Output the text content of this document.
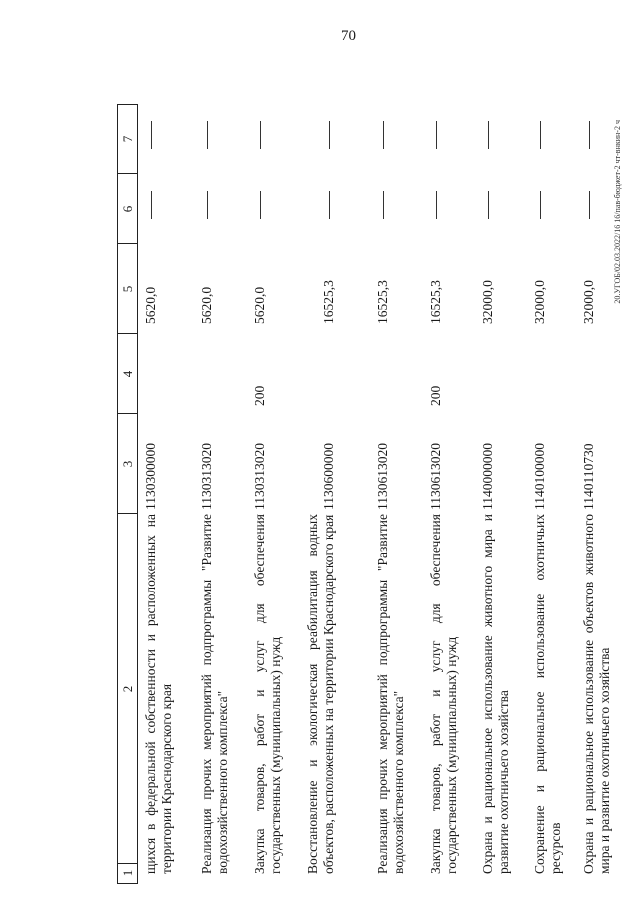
70
20.УГОБ/02.03.2022/16 16/пав-бюджет-2 чт-внкин-2 ч
1
2
3
4
5
6
7
щихся в федеральной собственности и расположенных на территории Краснодарского края
1130300000
5620,0
Реализация прочих мероприятий подпрограммы "Развитие водохозяйственного комплекса"
1130313020
5620,0
Закупка товаров, работ и услуг для обеспечения государственных (муниципальных) нужд
1130313020
200
5620,0
Восстановление и экологическая реабилитация водных объектов, расположенных на территории Краснодарского края
1130600000
16525,3
Реализация прочих мероприятий подпрограммы "Развитие водохозяйственного комплекса"
1130613020
16525,3
Закупка товаров, работ и услуг для обеспечения государственных (муниципальных) нужд
1130613020
200
16525,3
Охрана и рациональное использование животного мира и развитие охотничьего хозяйства
1140000000
32000,0
Сохранение и рациональное использование охотничьих ресурсов
1140100000
32000,0
Охрана и рациональное использование объектов животного мира и развитие охотничьего хозяйства
1140110730
32000,0
